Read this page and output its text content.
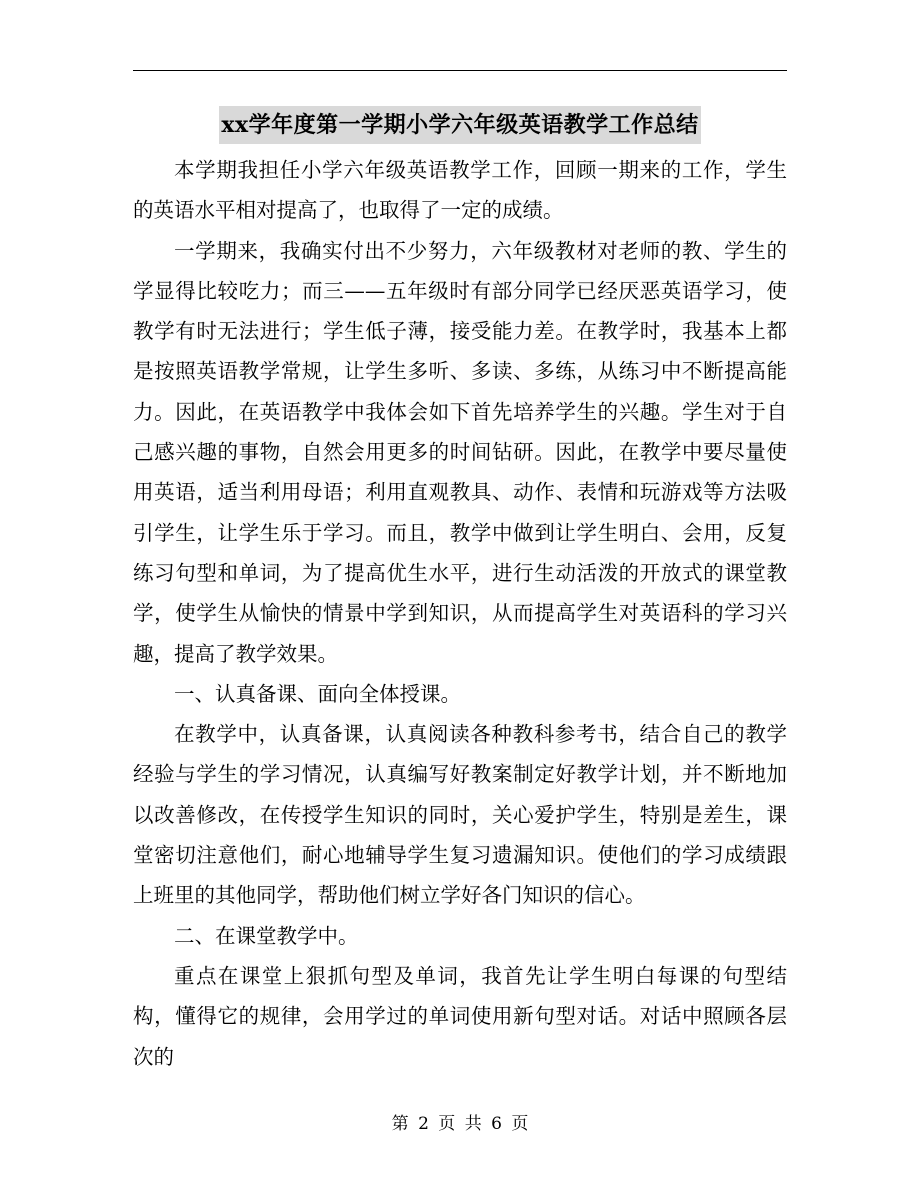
xx学年度第一学期小学六年级英语教学工作总结

本学期我担任小学六年级英语教学工作，回顾一期来的工作，学生的英语水平相对提高了，也取得了一定的成绩。

一学期来，我确实付出不少努力，六年级教材对老师的教、学生的学显得比较吃力；而三——五年级时有部分同学已经厌恶英语学习，使教学有时无法进行；学生低子薄，接受能力差。在教学时，我基本上都是按照英语教学常规，让学生多听、多读、多练，从练习中不断提高能力。因此，在英语教学中我体会如下首先培养学生的兴趣。学生对于自己感兴趣的事物，自然会用更多的时间钻研。因此，在教学中要尽量使用英语，适当利用母语；利用直观教具、动作、表情和玩游戏等方法吸引学生，让学生乐于学习。而且，教学中做到让学生明白、会用，反复练习句型和单词，为了提高优生水平，进行生动活泼的开放式的课堂教学，使学生从愉快的情景中学到知识，从而提高学生对英语科的学习兴趣，提高了教学效果。

一、认真备课、面向全体授课。

在教学中，认真备课，认真阅读各种教科参考书，结合自己的教学经验与学生的学习情况，认真编写好教案制定好教学计划，并不断地加以改善修改，在传授学生知识的同时，关心爱护学生，特别是差生，课堂密切注意他们，耐心地辅导学生复习遗漏知识。使他们的学习成绩跟上班里的其他同学，帮助他们树立学好各门知识的信心。

二、在课堂教学中。

重点在课堂上狠抓句型及单词，我首先让学生明白每课的句型结构，懂得它的规律，会用学过的单词使用新句型对话。对话中照顾各层次的

第 2 页 共 6 页
